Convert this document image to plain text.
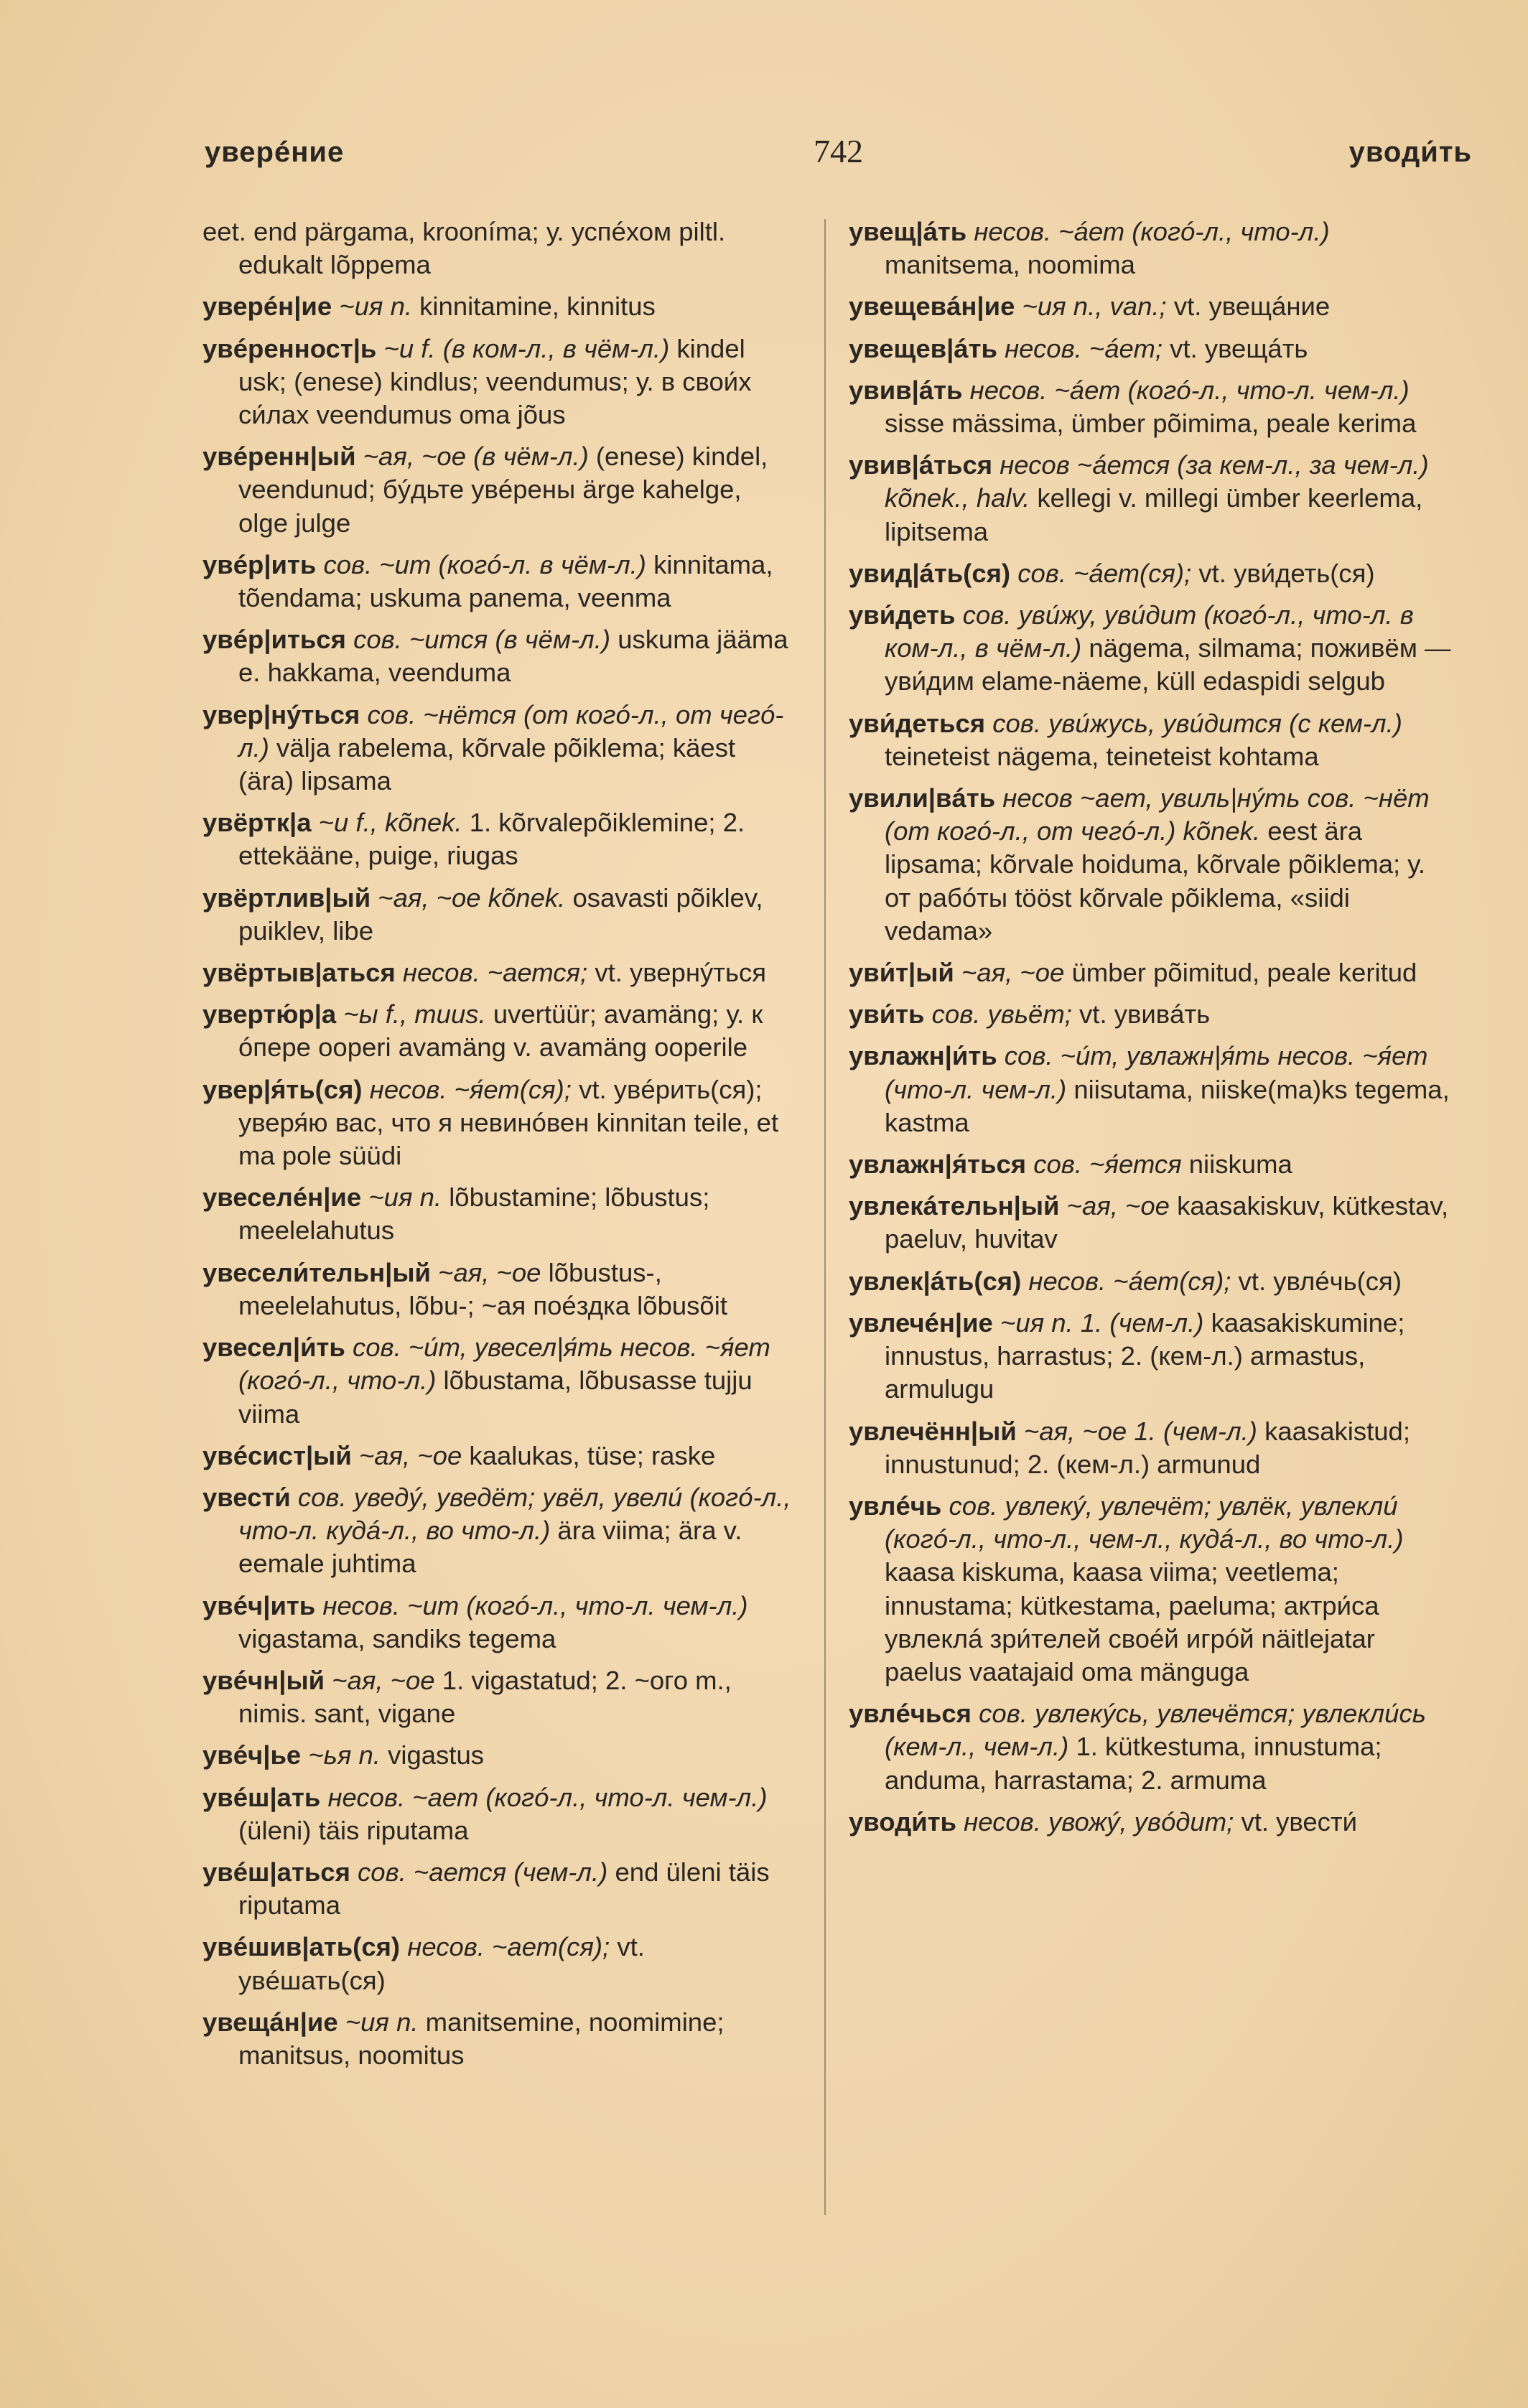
уверéние	742	уводи́ть
eet. end pärgama, krooníma; у. успéхом piltl. edukalt lõppema
уверéн|ие ~ия n. kinnitamine, kinnitus
увéренност|ь ~и f. (в ком-л., в чём-л.) kindel usk; (enese) kindlus; veendumus; у. в свои́х си́лах veendumus oma jõus
увéренн|ый ~ая, ~ое (в чём-л.) (enese) kindel, veendunud; бýдьте увéрены ärge kahelge, olge julge
увéр|ить сов. ~ит (когó-л. в чём-л.) kinnitama, tõendama; uskuma panema, veenma
увéр|иться сов. ~ится (в чём-л.) uskuma jääma e. hakkama, veenduma
увер|нýться сов. ~нётся (от когó-л., от чегó-л.) välja rabelema, kõrvale põiklema; käest (ära) lipsama
увёртк|а ~и f., kõnek. 1. kõrvalepõiklemine; 2. ettekääne, puige, riugas
увёртлив|ый ~ая, ~ое kõnek. osavasti põiklev, puiklev, libe
увёртыв|аться несов. ~ается; vt. увернýться
увертю́р|а ~ы f., muus. uvertüür; avamäng; у. к óпере ooperi avamäng v. avamäng ooperile
увер|я́ть(ся) несов. ~я́ет(ся); vt. увéрить(ся); уверя́ю вас, что я невинóвен kinnitan teile, et ma pole süüdi
увеселéн|ие ~ия n. lõbustamine; lõbustus; meelelahutus
увесели́тельн|ый ~ая, ~ое lõbustus-, meelelahutus, lõbu-; ~ая поéздка lõbusõit
увесел|и́ть сов. ~и́т, увесел|я́ть несов. ~я́ет (когó-л., что-л.) lõbustama, lõbusasse tujju viima
увéсист|ый ~ая, ~ое kaalukas, tüse; raske
увести́ сов. уведý, уведёт; увёл, увели́ (когó-л., что-л. кудá-л., во что-л.) ära viima; ära v. eemale juhtima
увéч|ить несов. ~ит (когó-л., что-л. чем-л.) vigastama, sandiks tegema
увéчн|ый ~ая, ~ое 1. vigastatud; 2. ~ого m., nimis. sant, vigane
увéч|ье ~ья n. vigastus
увéш|ать несов. ~ает (когó-л., что-л. чем-л.) (üleni) täis riputama
увéш|аться сов. ~ается (чем-л.) end üleni täis riputama
увéшив|ать(ся) несов. ~ает(ся); vt. увéшать(ся)
увещáн|ие ~ия n. manitsemine, noomimine; manitsus, noomitus
увещ|áть несов. ~áет (когó-л., что-л.) manitsema, noomima
увещевáн|ие ~ия n., van.; vt. увещáние
увещев|áть несов. ~áет; vt. увещáть
увив|áть несов. ~áет (когó-л., что-л. чем-л.) sisse mässima, ümber põimima, peale kerima
увив|áться несов ~áется (за кем-л., за чем-л.) kõnek., halv. kellegi v. millegi ümber keerlema, lipitsema
увид|áть(ся) сов. ~áет(ся); vt. уви́деть(ся)
уви́деть сов. уви́жу, уви́дит (когó-л., что-л. в ком-л., в чём-л.) nägema, silmama; поживём — уви́дим elame-näeme, küll edaspidi selgub
уви́деться сов. уви́жусь, уви́дится (с кем-л.) teineteist nägema, teineteist kohtama
увили|вáть несов ~ает, увиль|нýть сов. ~нёт (от когó-л., от чегó-л.) kõnek. eest ära lipsama; kõrvale hoiduma, kõrvale põiklema; у. от рабóты tööst kõrvale põiklema, «siidi vedama»
уви́т|ый ~ая, ~ое ümber põimitud, peale keritud
уви́ть сов. увьёт; vt. увивáть
увлажн|и́ть сов. ~и́т, увлажн|я́ть несов. ~я́ет (что-л. чем-л.) niisutama, niiske(ma)ks tegema, kastma
увлажн|я́ться сов. ~я́ется niiskuma
увлекáтельн|ый ~ая, ~ое kaasakiskuv, kütkestav, paeluv, huvitav
увлек|áть(ся) несов. ~áет(ся); vt. увлéчь(ся)
увлечéн|ие ~ия n. 1. (чем-л.) kaasakiskumine; innustus, harrastus; 2. (кем-л.) armastus, armulugu
увлечённ|ый ~ая, ~ое 1. (чем-л.) kaasakistud; innustunud; 2. (кем-л.) armunud
увлéчь сов. увлекý, увлечёт; увлёк, увлекли́ (когó-л., что-л., чем-л., кудá-л., во что-л.) kaasa kiskuma, kaasa viima; veetlema; innustama; kütkestama, paeluma; актри́са увлеклá зри́телей своéй игрóй näitlejatar paelus vaatajaid oma mänguga
увлéчься сов. увлекýсь, увлечётся; увлекли́сь (кем-л., чем-л.) 1. kütkestuma, innustuma; anduma, harrastama; 2. armuma
уводи́ть несов. увожý, увóдит; vt. увести́
